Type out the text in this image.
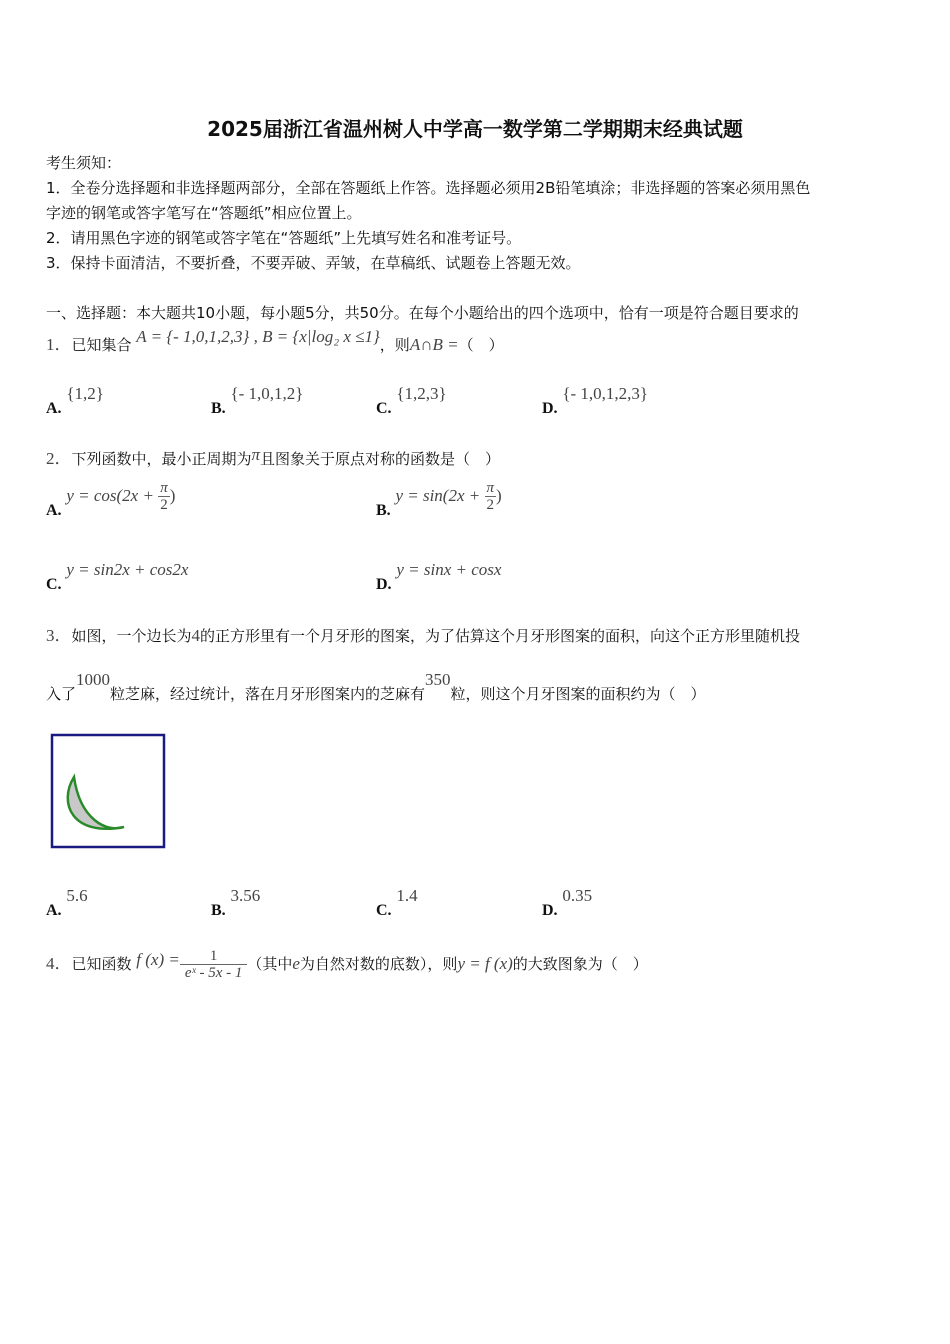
2025届浙江省温州树人中学高一数学第二学期期末经典试题
考生须知：
1．全卷分选择题和非选择题两部分，全部在答题纸上作答。选择题必须用2B铅笔填涂；非选择题的答案必须用黑色
字迹的钢笔或答字笔写在“答题纸”相应位置上。
2．请用黑色字迹的钢笔或答字笔在“答题纸”上先填写姓名和准考证号。
3．保持卡面清洁，不要折叠，不要弄破、弄皱，在草稿纸、试题卷上答题无效。
一、选择题：本大题共10小题，每小题5分，共50分。在每个小题给出的四个选项中，恰有一项是符合题目要求的
1．已知集合 A = {- 1,0,1,2,3} , B = {x|log₂ x ≤1}，则A∩B =（　）
A. {1,2}
B. {- 1,0,1,2}
C. {1,2,3}
D. {- 1,0,1,2,3}
2．下列函数中，最小正周期为π且图象关于原点对称的函数是（　）
A. $y = \cos(2x + \frac{\pi}{2}$ )
B. $y = \sin(2x + \frac{\pi}{2}$ )
C. y = sin2x + cos2x
D. y = sinx + cosx
3．如图，一个边长为4的正方形里有一个月牙形的图案，为了估算这个月牙形图案的面积，向这个正方形里随机投
入了1000粒芝麻，经过统计，落在月牙形图案内的芝麻有350粒，则这个月牙图案的面积约为（　）
A. 5.6
B. 3.56
C. 1.4
D. 0.35
4．已知函数 f $(x) = \frac{1}{\text{eˣ - 5x - 1}}$ （其中e为自然对数的底数），则y = f (x)的大致图象为（　）
